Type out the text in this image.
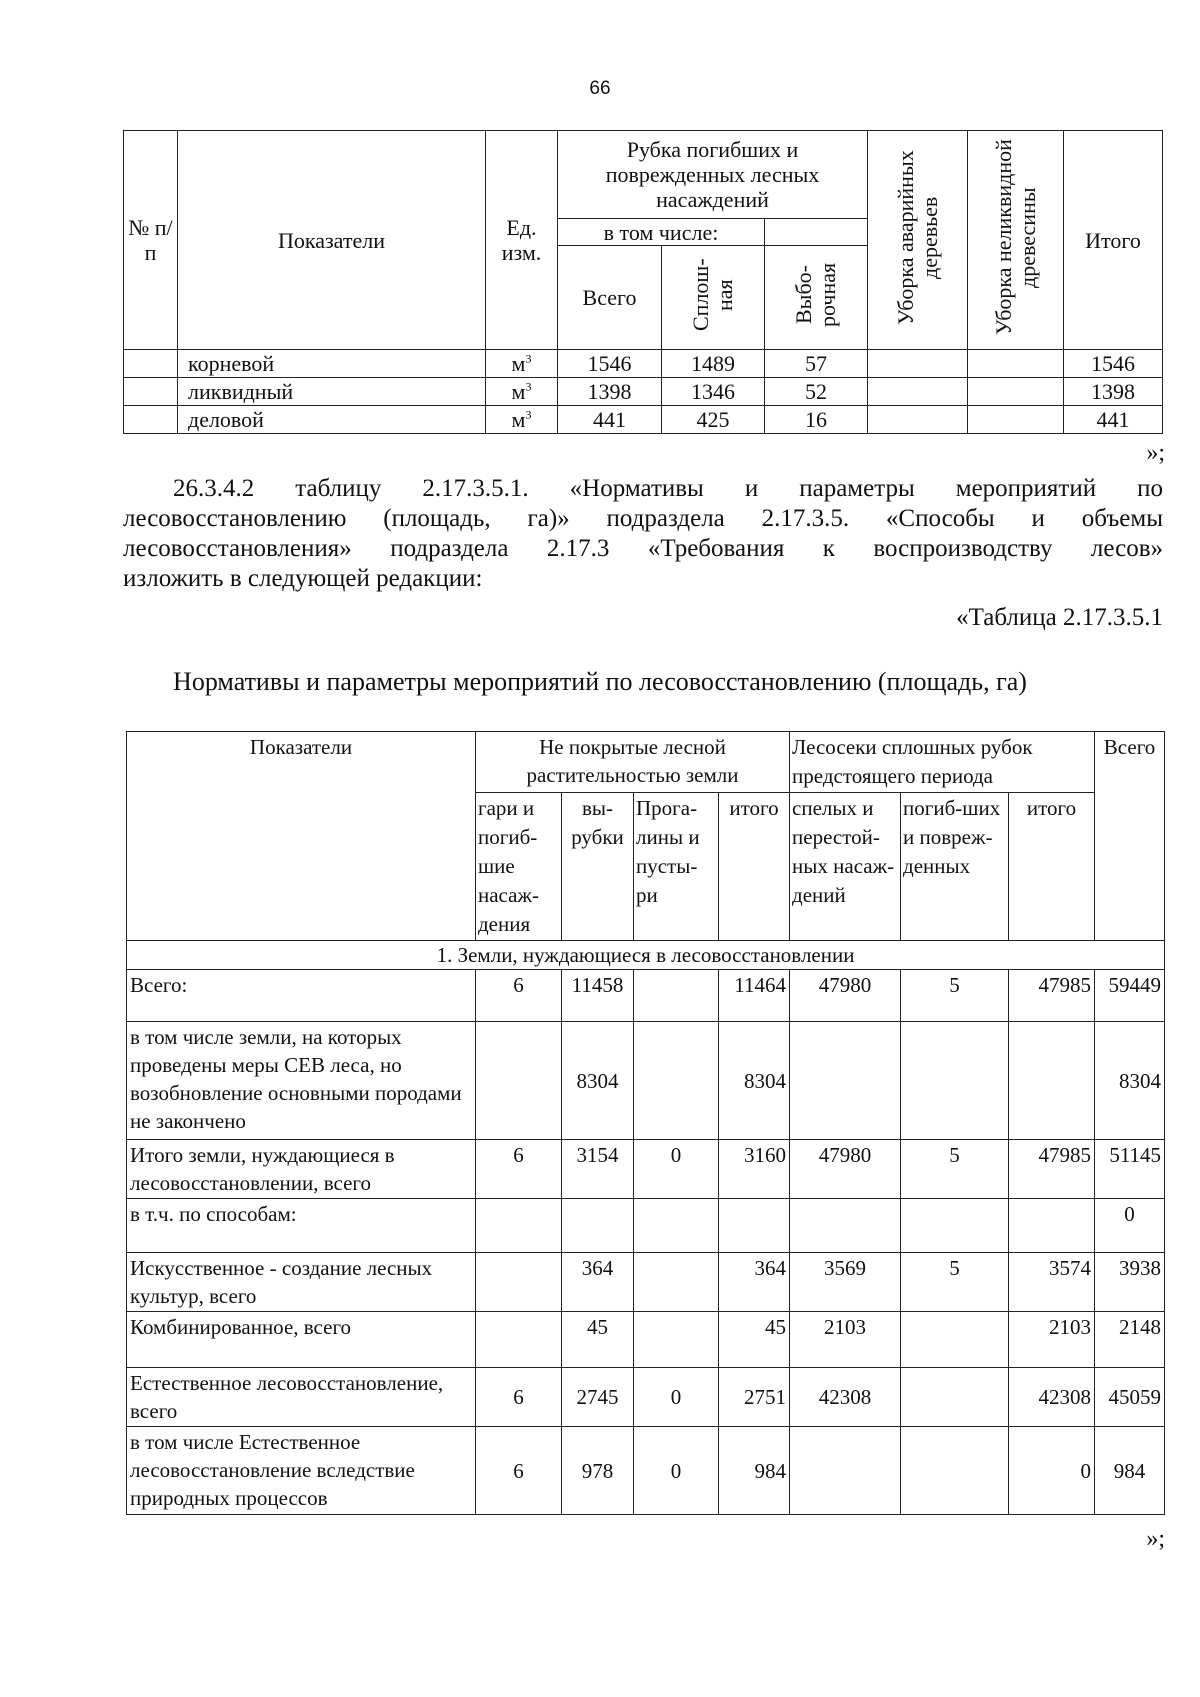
66
№ п/п	Показатели	Ед. изм.	Рубка погибших и поврежденных лесных насаждений			Уборка аварийных деревьев	Уборка неликвидной древесины	Итого
			в том числе:					
			Всего	Сплош-ная	Выбо-рочная			
	корневой	$м^3$	1546	1489	57			1546
	ликвидный	$м^3$	1398	1346	52			1398
	деловой	$м^3$	441	425	16			441
»;

26.3.4.2 таблицу 2.17.3.5.1. «Нормативы и параметры мероприятий по

лесовосстановлению (площадь, га)» подраздела 2.17.3.5. «Способы и объемы

лесовосстановления» подраздела 2.17.3 «Требования к воспроизводству лесов»

изложить в следующей редакции:

«Таблица 2.17.3.5.1
Нормативы и параметры мероприятий по лесовосстановлению (площадь, га)
Показатели	Не покрытые лесной растительностью земли				Лесосеки сплошных рубок предстоящего периода			Всего
	гари и погиб-шие насаж-дения	вы-рубки	Прога-лины и пусты-ри	итого	спелых и перестой-ных насаж-дений	погиб-ших и повреж-денных	итого	
1. Земли, нуждающиеся в лесовосстановлении								
Всего:	6	11458		11464	47980	5	47985	59449
в том числе земли, на которых проведены меры СЕВ леса, но возобновление основными породами не закончено		8304		8304				8304
Итого земли, нуждающиеся в лесовосстановлении, всего	6	3154	0	3160	47980	5	47985	51145
в т.ч. по способам:								0
Искусственное - создание лесных культур, всего		364		364	3569	5	3574	3938
Комбинированное, всего		45		45	2103		2103	2148
Естественное лесовосстановление, всего	6	2745	0	2751	42308		42308	45059
в том числе Естественное лесовосстановление вследствие природных процессов	6	978	0	984			0	984
»;
